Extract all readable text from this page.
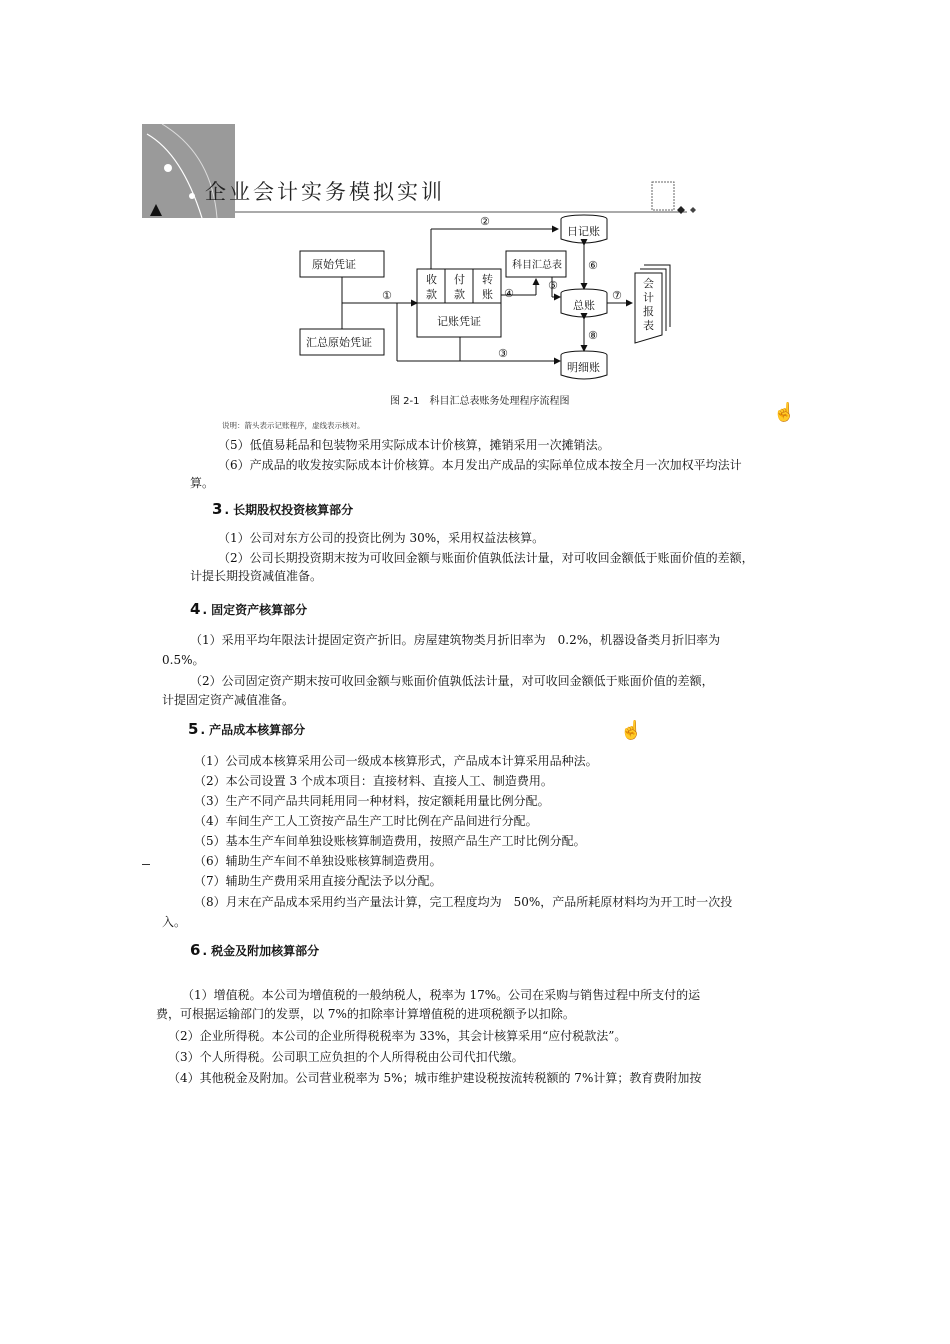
企业会计实务模拟实训
原始凭证
汇总原始凭证
科目汇总表
记账凭证
日记账
总账
明细账
收
款
付
款
转
账
会
计
报
表
①
②
③
④
⑤
⑥
⑦
⑧
图 2-1　科目汇总表账务处理程序流程图
☝
说明：箭头表示记账程序，虚线表示核对。
（5）低值易耗品和包装物采用实际成本计价核算，摊销采用一次摊销法。
（6）产成品的收发按实际成本计价核算。本月发出产成品的实际单位成本按全月一次加权平均法计
算。
3 . 长期股权投资核算部分
（1）公司对东方公司的投资比例为 30%，采用权益法核算。
（2）公司长期投资期末按为可收回金额与账面价值孰低法计量，对可收回金额低于账面价值的差额，
计提长期投资减值准备。
4 . 固定资产核算部分
（1）采用平均年限法计提固定资产折旧。房屋建筑物类月折旧率为　0.2%，机器设备类月折旧率为
0.5%。
（2）公司固定资产期末按可收回金额与账面价值孰低法计量，对可收回金额低于账面价值的差额，
计提固定资产减值准备。
5 . 产品成本核算部分	☝
（1）公司成本核算采用公司一级成本核算形式，产品成本计算采用品种法。
（2）本公司设置 3 个成本项目：直接材料、直接人工、制造费用。
（3）生产不同产品共同耗用同一种材料，按定额耗用量比例分配。
（4）车间生产工人工资按产品生产工时比例在产品间进行分配。
（5）基本生产车间单独设账核算制造费用，按照产品生产工时比例分配。
（6）辅助生产车间不单独设账核算制造费用。
（7）辅助生产费用采用直接分配法予以分配。
（8）月末在产品成本采用约当产量法计算，完工程度均为　50%，产品所耗原材料均为开工时一次投
入。
6 . 税金及附加核算部分
（1）增值税。本公司为增值税的一般纳税人，税率为 17%。公司在采购与销售过程中所支付的运
费，可根据运输部门的发票，以 7%的扣除率计算增值税的进项税额予以扣除。
（2）企业所得税。本公司的企业所得税税率为 33%，其会计核算采用“应付税款法”。
（3）个人所得税。公司职工应负担的个人所得税由公司代扣代缴。
（4）其他税金及附加。公司营业税率为 5%；城市维护建设税按流转税额的 7%计算；教育费附加按
